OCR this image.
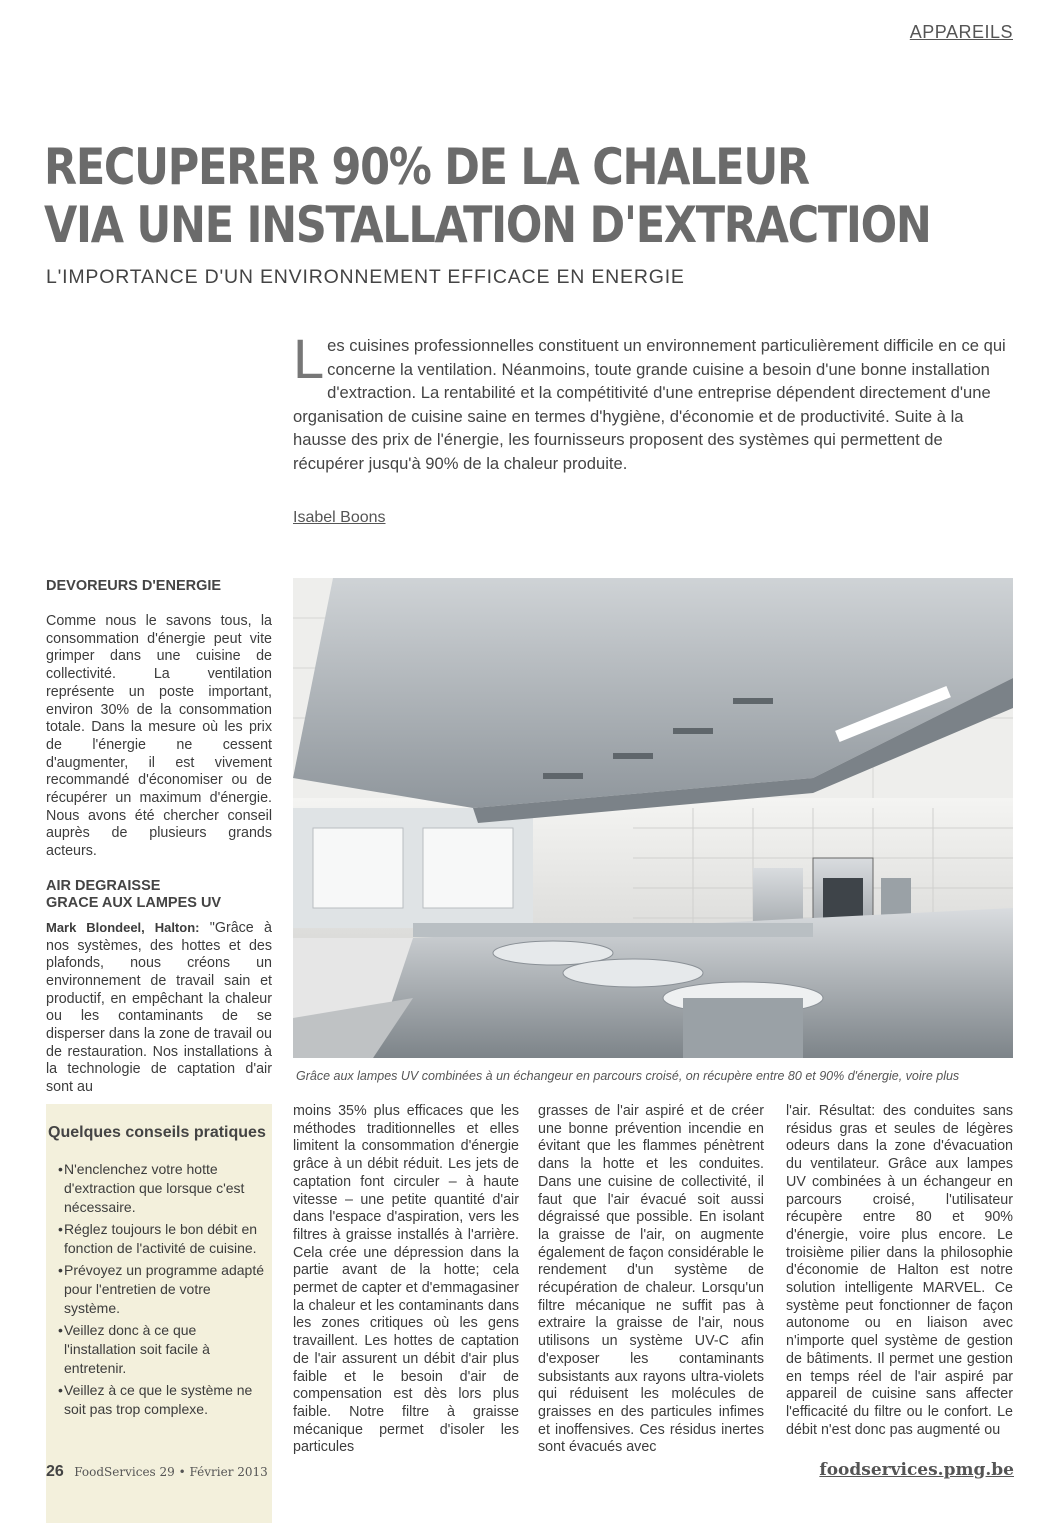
APPAREILS
RECUPERER 90% DE LA CHALEUR
VIA UNE INSTALLATION D'EXTRACTION
L'IMPORTANCE D'UN ENVIRONNEMENT EFFICACE EN ENERGIE
Les cuisines professionnelles constituent un environnement particulièrement difficile en ce qui concerne la ventilation. Néanmoins, toute grande cuisine a besoin d'une bonne installation d'extraction. La rentabilité et la compétitivité d'une entreprise dépendent directement d'une organisation de cuisine saine en termes d'hygiène, d'économie et de productivité. Suite à la hausse des prix de l'énergie, les fournisseurs proposent des systèmes qui permettent de récupérer jusqu'à 90% de la chaleur produite.
Isabel Boons

DEVOREURS D'ENERGIE

Comme nous le savons tous, la consommation d'énergie peut vite grimper dans une cuisine de collectivité. La ventilation représente un poste important, environ 30% de la consommation totale. Dans la mesure où les prix de l'énergie ne cessent d'augmenter, il est vivement recommandé d'économiser ou de récupérer un maximum d'énergie. Nous avons été chercher conseil auprès de plusieurs grands acteurs.

AIR DEGRAISSE

GRACE AUX LAMPES UV

Mark Blondeel, Halton: "Grâce à nos systèmes, des hottes et des plafonds, nous créons un environnement de travail sain et productif, en empêchant la chaleur ou les contaminants de se disperser dans la zone de travail ou de restauration. Nos installations à la technologie de captation d'air sont au

Grâce aux lampes UV combinées à un échangeur en parcours croisé, on récupère entre 80 et 90% d'énergie, voire plus
Quelques conseils pratiques
•N'enclenchez votre hotte d'extraction que lorsque c'est nécessaire.
•Réglez toujours le bon débit en fonction de l'activité de cuisine.
•Prévoyez un programme adapté pour l'entretien de votre système.
•Veillez donc à ce que l'installation soit facile à entretenir.
•Veillez à ce que le système ne soit pas trop complexe.

moins 35% plus efficaces que les méthodes traditionnelles et elles limitent la consommation d'énergie grâce à un débit réduit. Les jets de captation font circuler – à haute vitesse – une petite quantité d'air dans l'espace d'aspiration, vers les filtres à graisse installés à l'arrière. Cela crée une dépression dans la partie avant de la hotte; cela permet de capter et d'emmagasiner la chaleur et les contaminants dans les zones critiques où les gens travaillent. Les hottes de captation de l'air assurent un débit d'air plus faible et le besoin d'air de compensation est dès lors plus faible. Notre filtre à graisse mécanique permet d'isoler les particules

grasses de l'air aspiré et de créer une bonne prévention incendie en évitant que les flammes pénètrent dans la hotte et les conduites. Dans une cuisine de collectivité, il faut que l'air évacué soit aussi dégraissé que possible. En isolant la graisse de l'air, on augmente également de façon considérable le rendement d'un système de récupération de chaleur. Lorsqu'un filtre mécanique ne suffit pas à extraire la graisse de l'air, nous utilisons un système UV-C afin d'exposer les contaminants subsistants aux rayons ultra-violets qui réduisent les molécules de graisses en des particules infimes et inoffensives. Ces résidus inertes sont évacués avec

l'air. Résultat: des conduites sans résidus gras et seules de légères odeurs dans la zone d'évacuation du ventilateur. Grâce aux lampes UV combinées à un échangeur en parcours croisé, l'utilisateur récupère entre 80 et 90% d'énergie, voire plus encore. Le troisième pilier dans la philosophie d'économie de Halton est notre solution intelligente MARVEL. Ce système peut fonctionner de façon autonome ou en liaison avec n'importe quel système de gestion de bâtiments. Il permet une gestion en temps réel de l'air aspiré par appareil de cuisine sans affecter l'efficacité du filtre ou le confort. Le débit n'est donc pas augmenté ou

26 FoodServices 29 • Février 2013	foodservices.pmg.be
